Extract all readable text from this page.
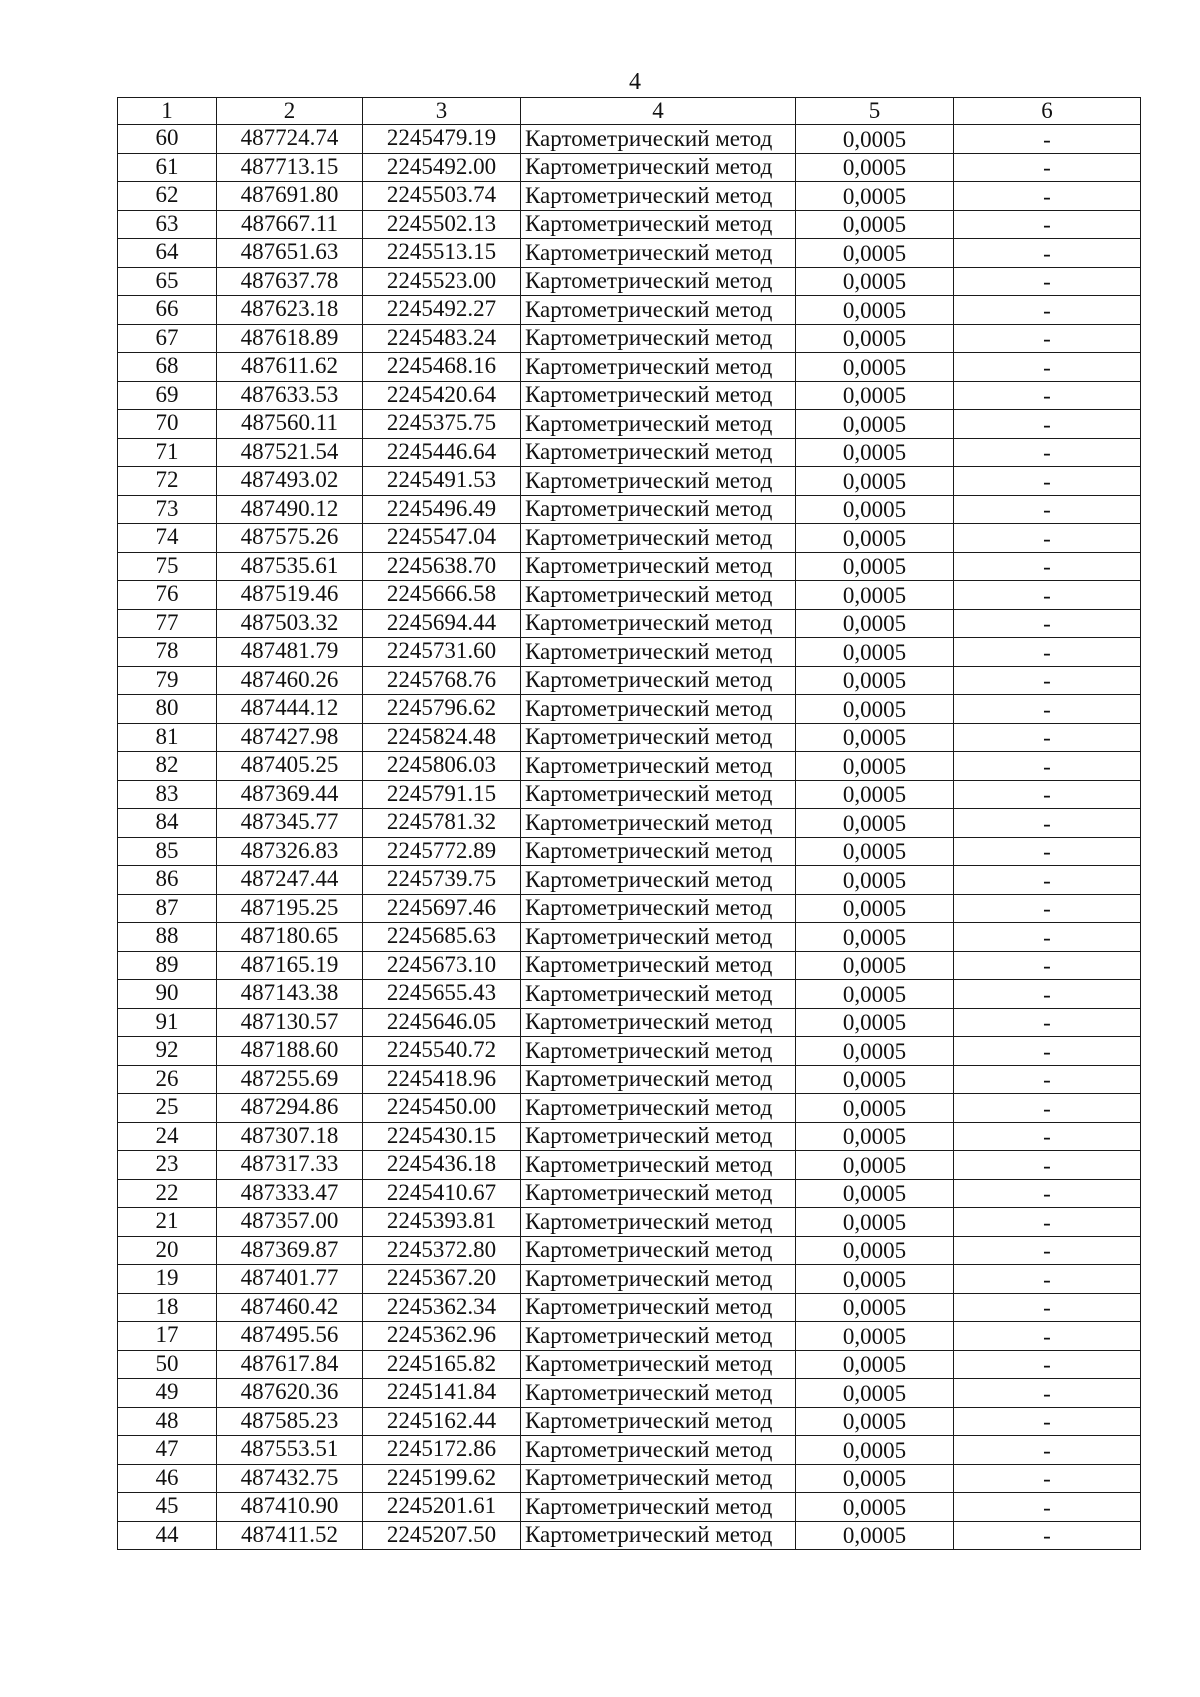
4
1	2	3	4	5	6
60	487724.74	2245479.19	Картометрический метод	0,0005	-
61	487713.15	2245492.00	Картометрический метод	0,0005	-
62	487691.80	2245503.74	Картометрический метод	0,0005	-
63	487667.11	2245502.13	Картометрический метод	0,0005	-
64	487651.63	2245513.15	Картометрический метод	0,0005	-
65	487637.78	2245523.00	Картометрический метод	0,0005	-
66	487623.18	2245492.27	Картометрический метод	0,0005	-
67	487618.89	2245483.24	Картометрический метод	0,0005	-
68	487611.62	2245468.16	Картометрический метод	0,0005	-
69	487633.53	2245420.64	Картометрический метод	0,0005	-
70	487560.11	2245375.75	Картометрический метод	0,0005	-
71	487521.54	2245446.64	Картометрический метод	0,0005	-
72	487493.02	2245491.53	Картометрический метод	0,0005	-
73	487490.12	2245496.49	Картометрический метод	0,0005	-
74	487575.26	2245547.04	Картометрический метод	0,0005	-
75	487535.61	2245638.70	Картометрический метод	0,0005	-
76	487519.46	2245666.58	Картометрический метод	0,0005	-
77	487503.32	2245694.44	Картометрический метод	0,0005	-
78	487481.79	2245731.60	Картометрический метод	0,0005	-
79	487460.26	2245768.76	Картометрический метод	0,0005	-
80	487444.12	2245796.62	Картометрический метод	0,0005	-
81	487427.98	2245824.48	Картометрический метод	0,0005	-
82	487405.25	2245806.03	Картометрический метод	0,0005	-
83	487369.44	2245791.15	Картометрический метод	0,0005	-
84	487345.77	2245781.32	Картометрический метод	0,0005	-
85	487326.83	2245772.89	Картометрический метод	0,0005	-
86	487247.44	2245739.75	Картометрический метод	0,0005	-
87	487195.25	2245697.46	Картометрический метод	0,0005	-
88	487180.65	2245685.63	Картометрический метод	0,0005	-
89	487165.19	2245673.10	Картометрический метод	0,0005	-
90	487143.38	2245655.43	Картометрический метод	0,0005	-
91	487130.57	2245646.05	Картометрический метод	0,0005	-
92	487188.60	2245540.72	Картометрический метод	0,0005	-
26	487255.69	2245418.96	Картометрический метод	0,0005	-
25	487294.86	2245450.00	Картометрический метод	0,0005	-
24	487307.18	2245430.15	Картометрический метод	0,0005	-
23	487317.33	2245436.18	Картометрический метод	0,0005	-
22	487333.47	2245410.67	Картометрический метод	0,0005	-
21	487357.00	2245393.81	Картометрический метод	0,0005	-
20	487369.87	2245372.80	Картометрический метод	0,0005	-
19	487401.77	2245367.20	Картометрический метод	0,0005	-
18	487460.42	2245362.34	Картометрический метод	0,0005	-
17	487495.56	2245362.96	Картометрический метод	0,0005	-
50	487617.84	2245165.82	Картометрический метод	0,0005	-
49	487620.36	2245141.84	Картометрический метод	0,0005	-
48	487585.23	2245162.44	Картометрический метод	0,0005	-
47	487553.51	2245172.86	Картометрический метод	0,0005	-
46	487432.75	2245199.62	Картометрический метод	0,0005	-
45	487410.90	2245201.61	Картометрический метод	0,0005	-
44	487411.52	2245207.50	Картометрический метод	0,0005	-
